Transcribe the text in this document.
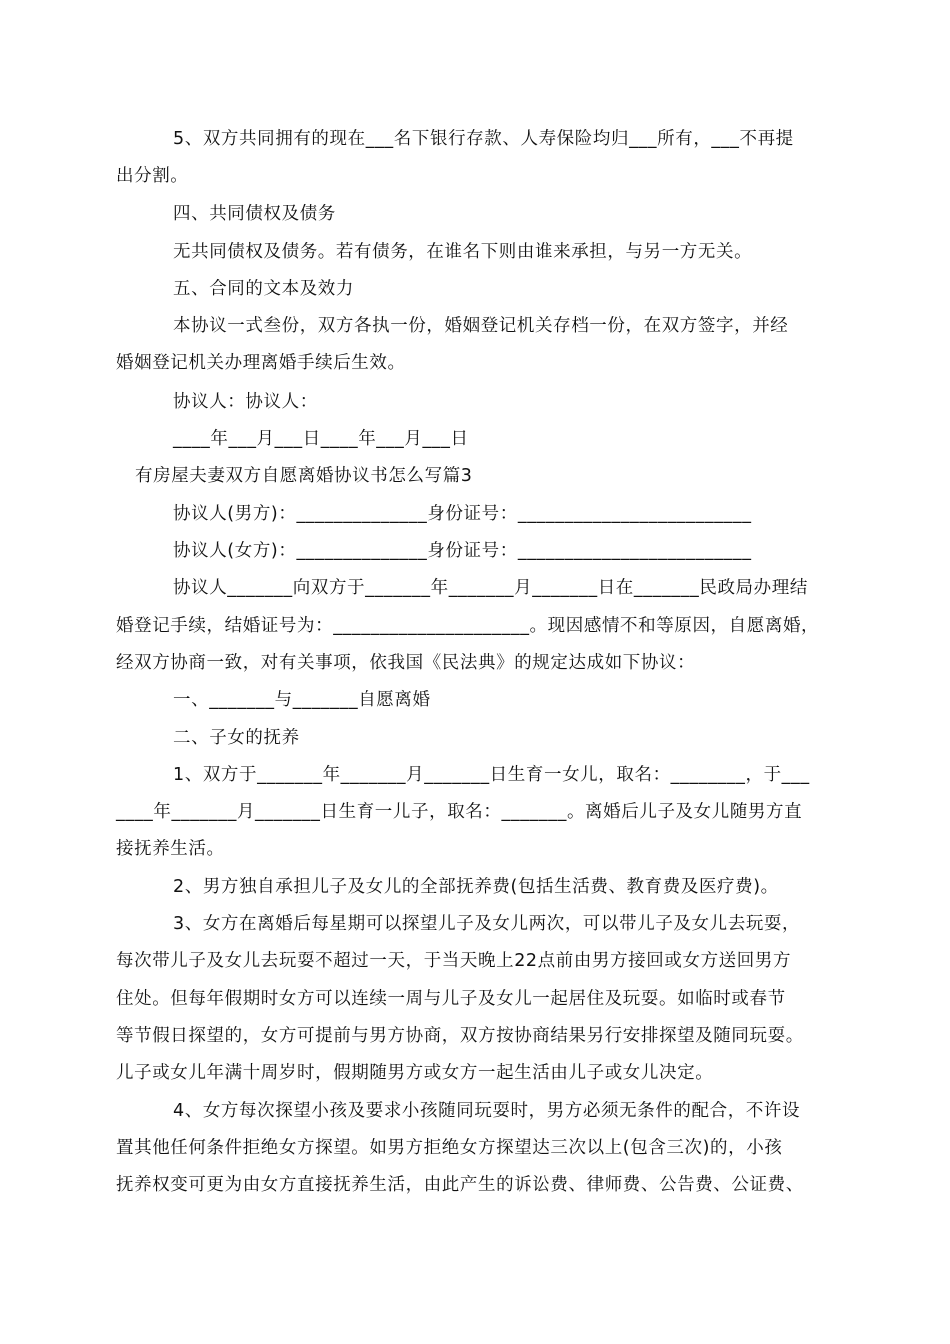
5、双方共同拥有的现在___名下银行存款、人寿保险均归___所有，___不再提
出分割。
四、共同债权及债务
无共同债权及债务。若有债务，在谁名下则由谁来承担，与另一方无关。
五、合同的文本及效力
本协议一式叁份，双方各执一份，婚姻登记机关存档一份，在双方签字，并经
婚姻登记机关办理离婚手续后生效。
协议人：协议人：
____年___月___日____年___月___日
有房屋夫妻双方自愿离婚协议书怎么写篇3
协议人(男方)：______________身份证号：_________________________
协议人(女方)：______________身份证号：_________________________
协议人_______向双方于_______年_______月_______日在_______民政局办理结
婚登记手续，结婚证号为：_____________________。现因感情不和等原因，自愿离婚，
经双方协商一致，对有关事项，依我国《民法典》的规定达成如下协议：
一、_______与_______自愿离婚
二、子女的抚养
1、双方于_______年_______月_______日生育一女儿，取名：________，于___
____年_______月_______日生育一儿子，取名：_______。离婚后儿子及女儿随男方直
接抚养生活。
2、男方独自承担儿子及女儿的全部抚养费(包括生活费、教育费及医疗费)。
3、女方在离婚后每星期可以探望儿子及女儿两次，可以带儿子及女儿去玩耍，
每次带儿子及女儿去玩耍不超过一天，于当天晚上22点前由男方接回或女方送回男方
住处。但每年假期时女方可以连续一周与儿子及女儿一起居住及玩耍。如临时或春节
等节假日探望的，女方可提前与男方协商，双方按协商结果另行安排探望及随同玩耍。
儿子或女儿年满十周岁时，假期随男方或女方一起生活由儿子或女儿决定。
4、女方每次探望小孩及要求小孩随同玩耍时，男方必须无条件的配合，不许设
置其他任何条件拒绝女方探望。如男方拒绝女方探望达三次以上(包含三次)的，小孩
抚养权变可更为由女方直接抚养生活，由此产生的诉讼费、律师费、公告费、公证费、
